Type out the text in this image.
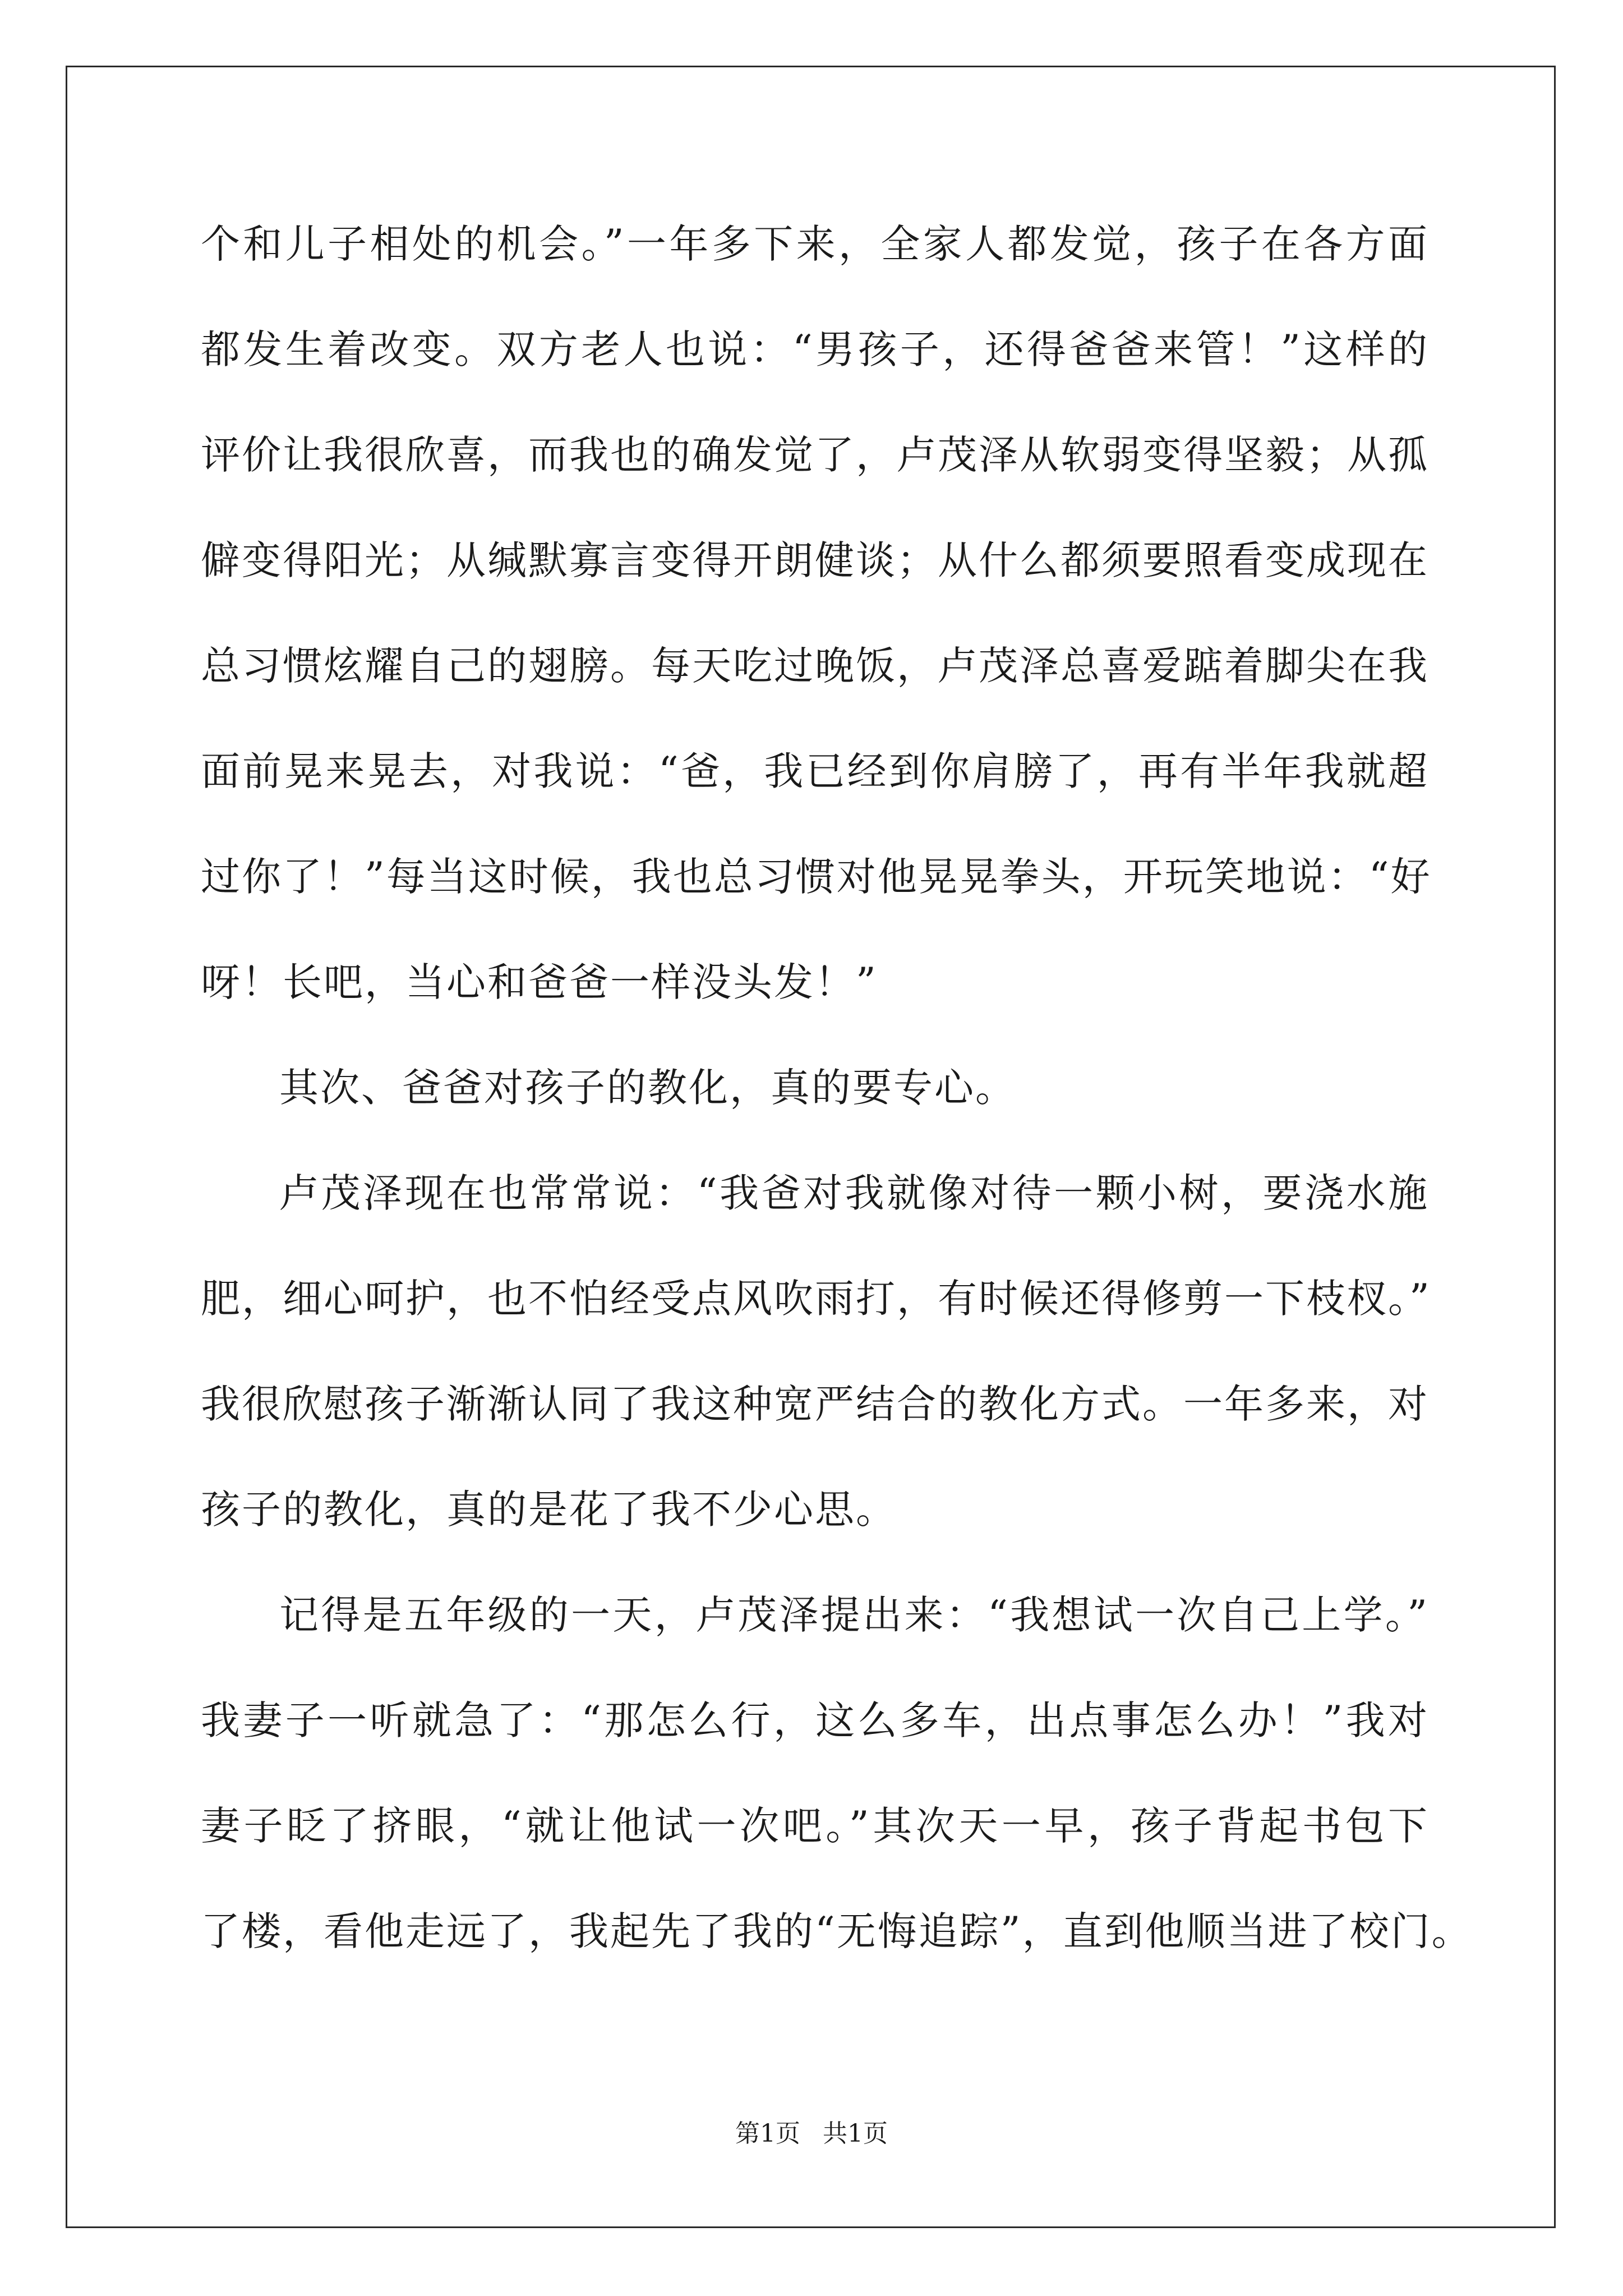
个和儿子相处的机会。”一年多下来，全家人都发觉，孩子在各方面
都发生着改变。双方老人也说：“男孩子，还得爸爸来管！”这样的
评价让我很欣喜，而我也的确发觉了，卢茂泽从软弱变得坚毅；从孤
僻变得阳光；从缄默寡言变得开朗健谈；从什么都须要照看变成现在
总习惯炫耀自己的翅膀。每天吃过晚饭，卢茂泽总喜爱踮着脚尖在我
面前晃来晃去，对我说：“爸，我已经到你肩膀了，再有半年我就超
过你了！”每当这时候，我也总习惯对他晃晃拳头，开玩笑地说：“好
呀！长吧，当心和爸爸一样没头发！”
其次、爸爸对孩子的教化，真的要专心。
卢茂泽现在也常常说：“我爸对我就像对待一颗小树，要浇水施
肥，细心呵护，也不怕经受点风吹雨打，有时候还得修剪一下枝杈。”
我很欣慰孩子渐渐认同了我这种宽严结合的教化方式。一年多来，对
孩子的教化，真的是花了我不少心思。
记得是五年级的一天，卢茂泽提出来：“我想试一次自己上学。”
我妻子一听就急了：“那怎么行，这么多车，出点事怎么办！”我对
妻子眨了挤眼，“就让他试一次吧。”其次天一早，孩子背起书包下
了楼，看他走远了，我起先了我的“无悔追踪”，直到他顺当进了校门。
第1页 共1页
